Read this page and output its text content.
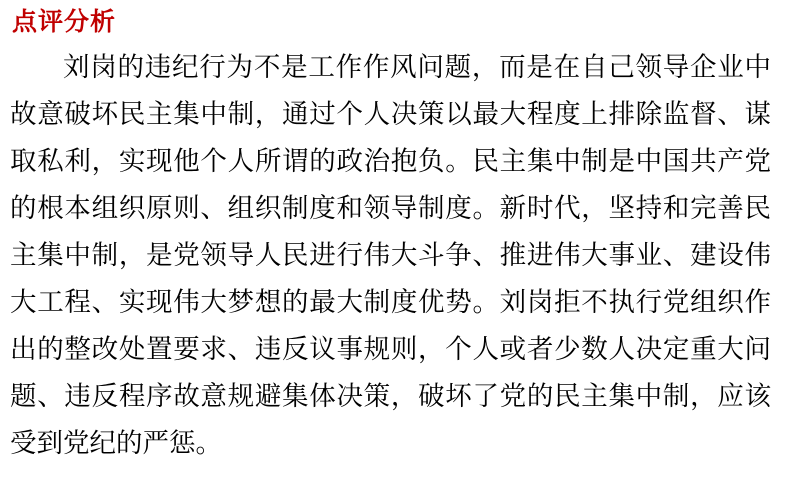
点评分析

刘岗的违纪行为不是工作作风问题，而是在自己领导企业中故意破坏民主集中制，通过个人决策以最大程度上排除监督、谋取私利，实现他个人所谓的政治抱负。民主集中制是中国共产党的根本组织原则、组织制度和领导制度。新时代，坚持和完善民主集中制，是党领导人民进行伟大斗争、推进伟大事业、建设伟大工程、实现伟大梦想的最大制度优势。刘岗拒不执行党组织作出的整改处置要求、违反议事规则，个人或者少数人决定重大问题、违反程序故意规避集体决策，破坏了党的民主集中制，应该受到党纪的严惩。
